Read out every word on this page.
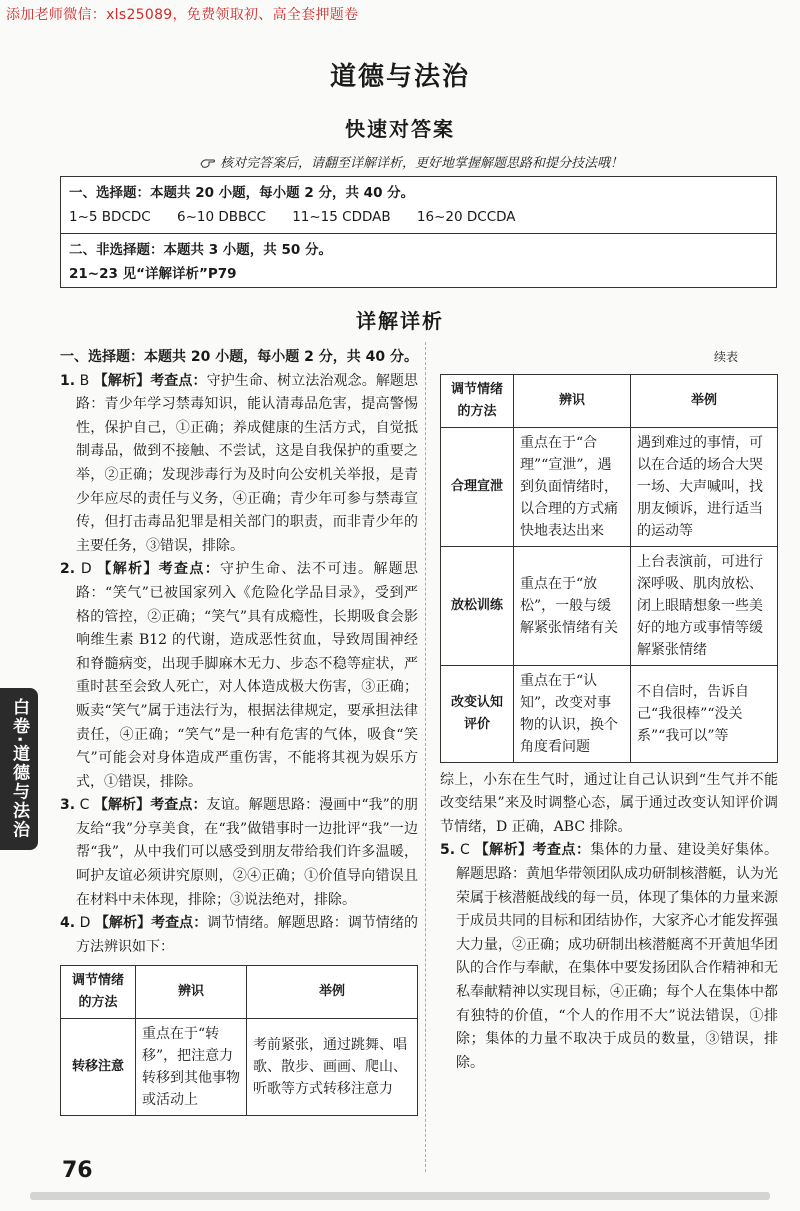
添加老师微信：xls25089，免费领取初、高全套押题卷
道德与法治
快速对答案
核对完答案后，请翻至详解详析，更好地掌握解题思路和提分技法哦！
一、选择题：本题共 20 小题，每小题 2 分，共 40 分。
1~5 BDCDC 6~10 DBBCC 11~15 CDDAB 16~20 DCCDA
二、非选择题：本题共 3 小题，共 50 分。
21~23 见“详解详析”P79
详解详析
一、选择题：本题共 20 小题，每小题 2 分，共 40 分。

1. B 【解析】考查点：守护生命、树立法治观念。解题思路：青少年学习禁毒知识，能认清毒品危害，提高警惕性，保护自己，①正确；养成健康的生活方式，自觉抵制毒品，做到不接触、不尝试，这是自我保护的重要之举，②正确；发现涉毒行为及时向公安机关举报，是青少年应尽的责任与义务，④正确；青少年可参与禁毒宣传，但打击毒品犯罪是相关部门的职责，而非青少年的主要任务，③错误，排除。

2. D 【解析】考查点：守护生命、法不可违。解题思路：“笑气”已被国家列入《危险化学品目录》，受到严格的管控，②正确；“笑气”具有成瘾性，长期吸食会影响维生素 B12 的代谢，造成恶性贫血，导致周围神经和脊髓病变，出现手脚麻木无力、步态不稳等症状，严重时甚至会致人死亡，对人体造成极大伤害，③正确；贩卖“笑气”属于违法行为，根据法律规定，要承担法律责任，④正确；“笑气”是一种有危害的气体，吸食“笑气”可能会对身体造成严重伤害，不能将其视为娱乐方式，①错误，排除。

3. C 【解析】考查点：友谊。解题思路：漫画中“我”的朋友给“我”分享美食，在“我”做错事时一边批评“我”一边帮“我”，从中我们可以感受到朋友带给我们许多温暖，呵护友谊必须讲究原则，②④正确；①价值导向错误且在材料中未体现，排除；③说法绝对，排除。

4. D 【解析】考查点：调节情绪。解题思路：调节情绪的方法辨识如下：

调节情绪的方法	辨识	举例
转移注意	重点在于“转移”，把注意力转移到其他事物或活动上	考前紧张，通过跳舞、唱歌、散步、画画、爬山、听歌等方式转移注意力
续表
调节情绪的方法	辨识	举例
合理宣泄	重点在于“合理”“宣泄”，遇到负面情绪时，以合理的方式痛快地表达出来	遇到难过的事情，可以在合适的场合大哭一场、大声喊叫，找朋友倾诉，进行适当的运动等
放松训练	重点在于“放松”，一般与缓解紧张情绪有关	上台表演前，可进行深呼吸、肌肉放松、闭上眼睛想象一些美好的地方或事情等缓解紧张情绪
改变认知评价	重点在于“认知”，改变对事物的认识，换个角度看问题	不自信时，告诉自己“我很棒”“没关系”“我可以”等

综上，小东在生气时，通过让自己认识到“生气并不能改变结果”来及时调整心态，属于通过改变认知评价调节情绪，D 正确，ABC 排除。

5. C 【解析】考查点：集体的力量、建设美好集体。解题思路：黄旭华带领团队成功研制核潜艇，认为光荣属于核潜艇战线的每一员，体现了集体的力量来源于成员共同的目标和团结协作，大家齐心才能发挥强大力量，②正确；成功研制出核潜艇离不开黄旭华团队的合作与奉献，在集体中要发扬团队合作精神和无私奉献精神以实现目标，④正确；每个人在集体中都有独特的价值，“个人的作用不大”说法错误，①排除；集体的力量不取决于成员的数量，③错误，排除。

白卷·道德与法治
76
